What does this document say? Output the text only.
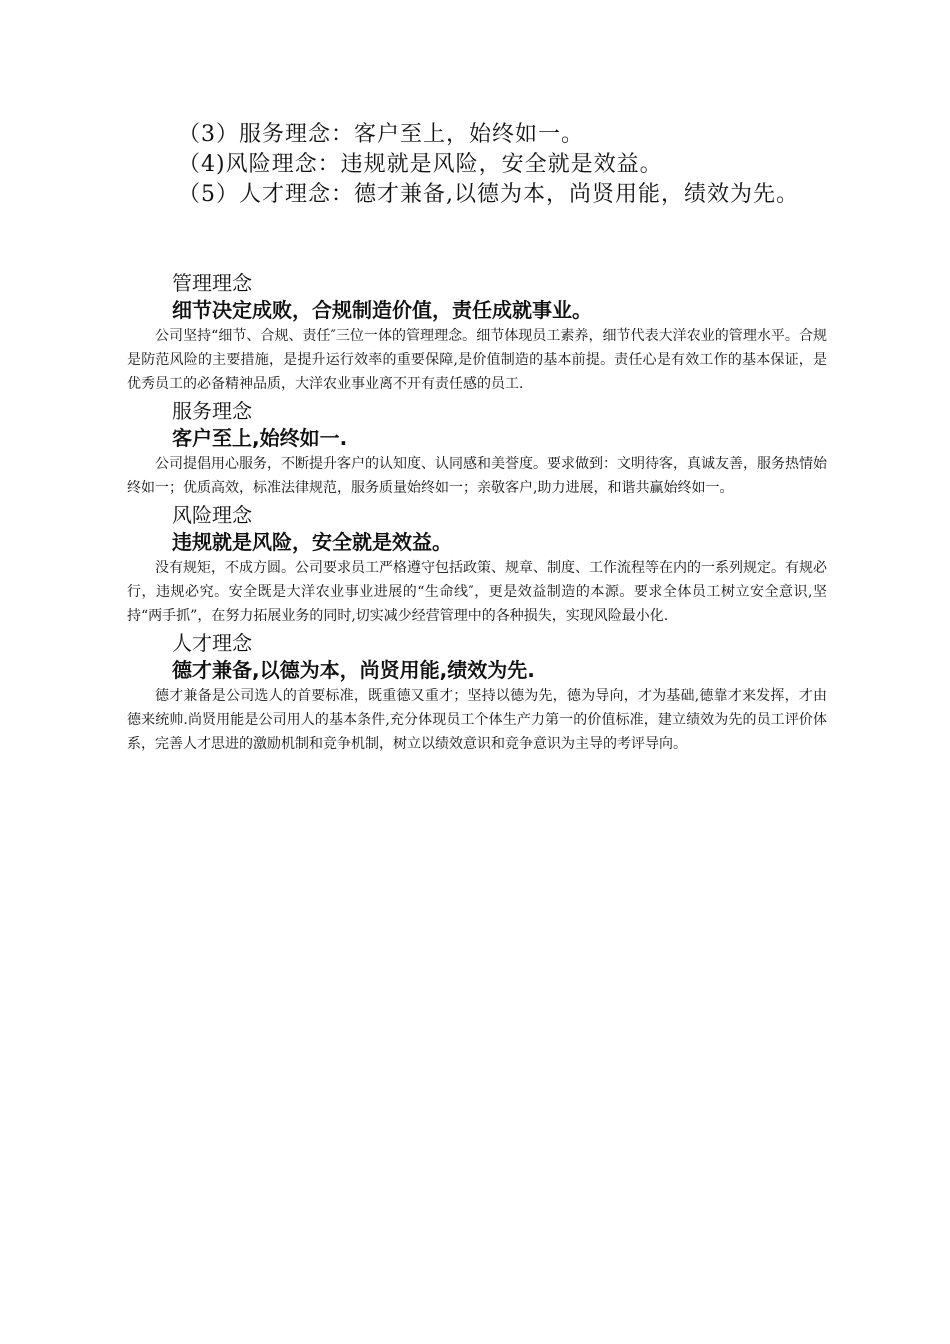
（3）服务理念：客户至上，始终如一。
（4)风险理念：违规就是风险，安全就是效益。
（5）人才理念：德才兼备,以德为本，尚贤用能，绩效为先。
管理理念
细节决定成败，合规制造价值，责任成就事业。

公司坚持“细节、合规、责任″三位一体的管理理念。细节体现员工素养，细节代表大洋农业的管理水平。合规是防范风险的主要措施，是提升运行效率的重要保障,是价值制造的基本前提。责任心是有效工作的基本保证，是优秀员工的必备精神品质，大洋农业事业离不开有责任感的员工.

服务理念
客户至上,始终如一.

公司提倡用心服务，不断提升客户的认知度、认同感和美誉度。要求做到：文明待客，真诚友善，服务热情始终如一；优质高效，标准法律规范，服务质量始终如一；亲敬客户,助力进展，和谐共赢始终如一。

风险理念
违规就是风险，安全就是效益。

没有规矩，不成方圆。公司要求员工严格遵守包括政策、规章、制度、工作流程等在内的一系列规定。有规必行，违规必究。安全既是大洋农业事业进展的“生命线″，更是效益制造的本源。要求全体员工树立安全意识,坚持“两手抓”，在努力拓展业务的同时,切实减少经营管理中的各种损失，实现风险最小化.

人才理念
德才兼备,以德为本，尚贤用能,绩效为先.

德才兼备是公司选人的首要标准，既重德又重才；坚持以德为先，德为导向，才为基础,德靠才来发挥，才由德来统帅.尚贤用能是公司用人的基本条件,充分体现员工个体生产力第一的价值标准，建立绩效为先的员工评价体系，完善人才思进的激励机制和竞争机制，树立以绩效意识和竞争意识为主导的考评导向。
